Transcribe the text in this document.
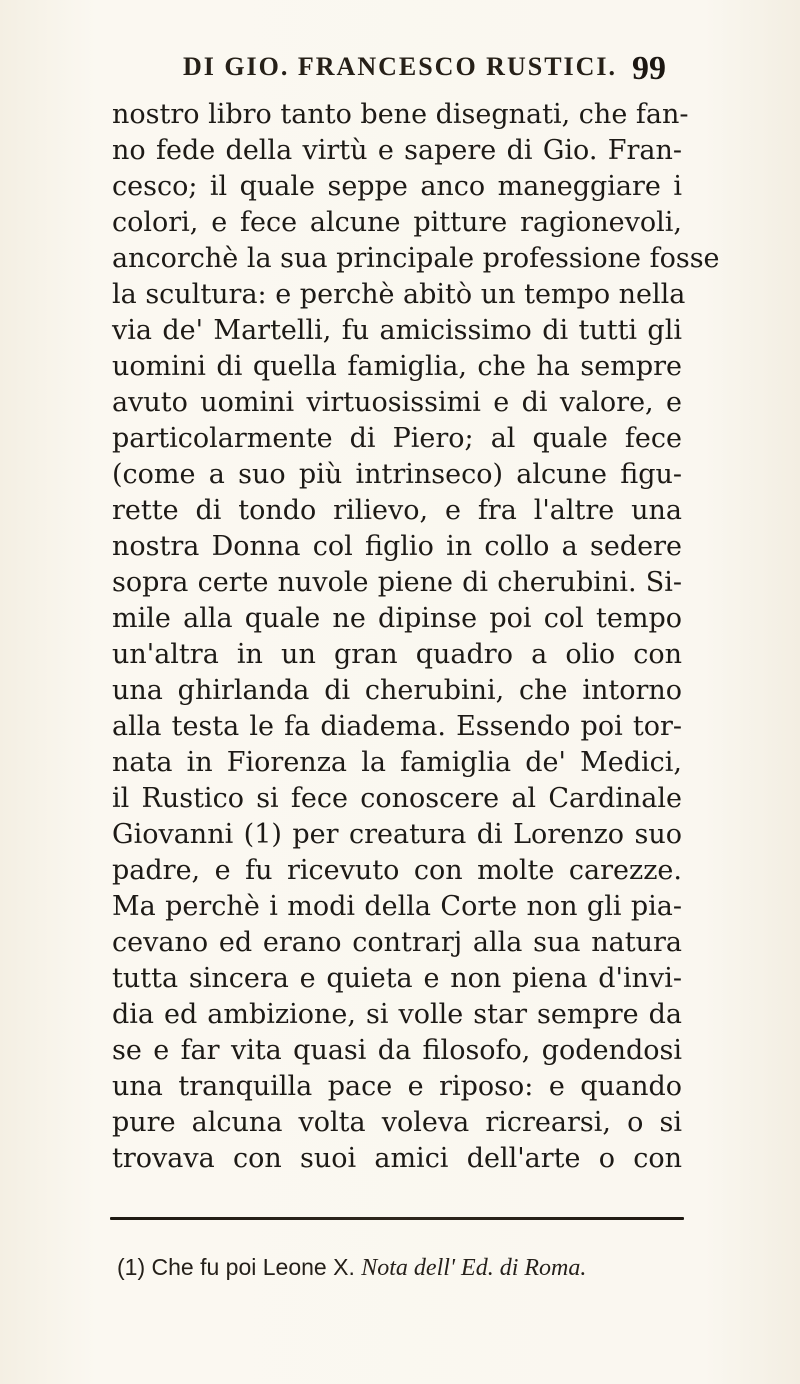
DI GIO. FRANCESCO RUSTICI. 99
nostro libro tanto bene disegnati, che fan-
no fede della virtù e sapere di Gio. Fran-
cesco; il quale seppe anco maneggiare i
colori, e fece alcune pitture ragionevoli,
ancorchè la sua principale professione fosse
la scultura: e perchè abitò un tempo nella
via de' Martelli, fu amicissimo di tutti gli
uomini di quella famiglia, che ha sempre
avuto uomini virtuosissimi e di valore, e
particolarmente di Piero; al quale fece
(come a suo più intrinseco) alcune figu-
rette di tondo rilievo, e fra l'altre una
nostra Donna col figlio in collo a sedere
sopra certe nuvole piene di cherubini. Si-
mile alla quale ne dipinse poi col tempo
un'altra in un gran quadro a olio con
una ghirlanda di cherubini, che intorno
alla testa le fa diadema. Essendo poi tor-
nata in Fiorenza la famiglia de' Medici,
il Rustico si fece conoscere al Cardinale
Giovanni (1) per creatura di Lorenzo suo
padre, e fu ricevuto con molte carezze.
Ma perchè i modi della Corte non gli pia-
cevano ed erano contrarj alla sua natura
tutta sincera e quieta e non piena d'invi-
dia ed ambizione, si volle star sempre da
se e far vita quasi da filosofo, godendosi
una tranquilla pace e riposo: e quando
pure alcuna volta voleva ricrearsi, o si
trovava con suoi amici dell'arte o con
(1) Che fu poi Leone X. Nota dell' Ed. di Roma.
